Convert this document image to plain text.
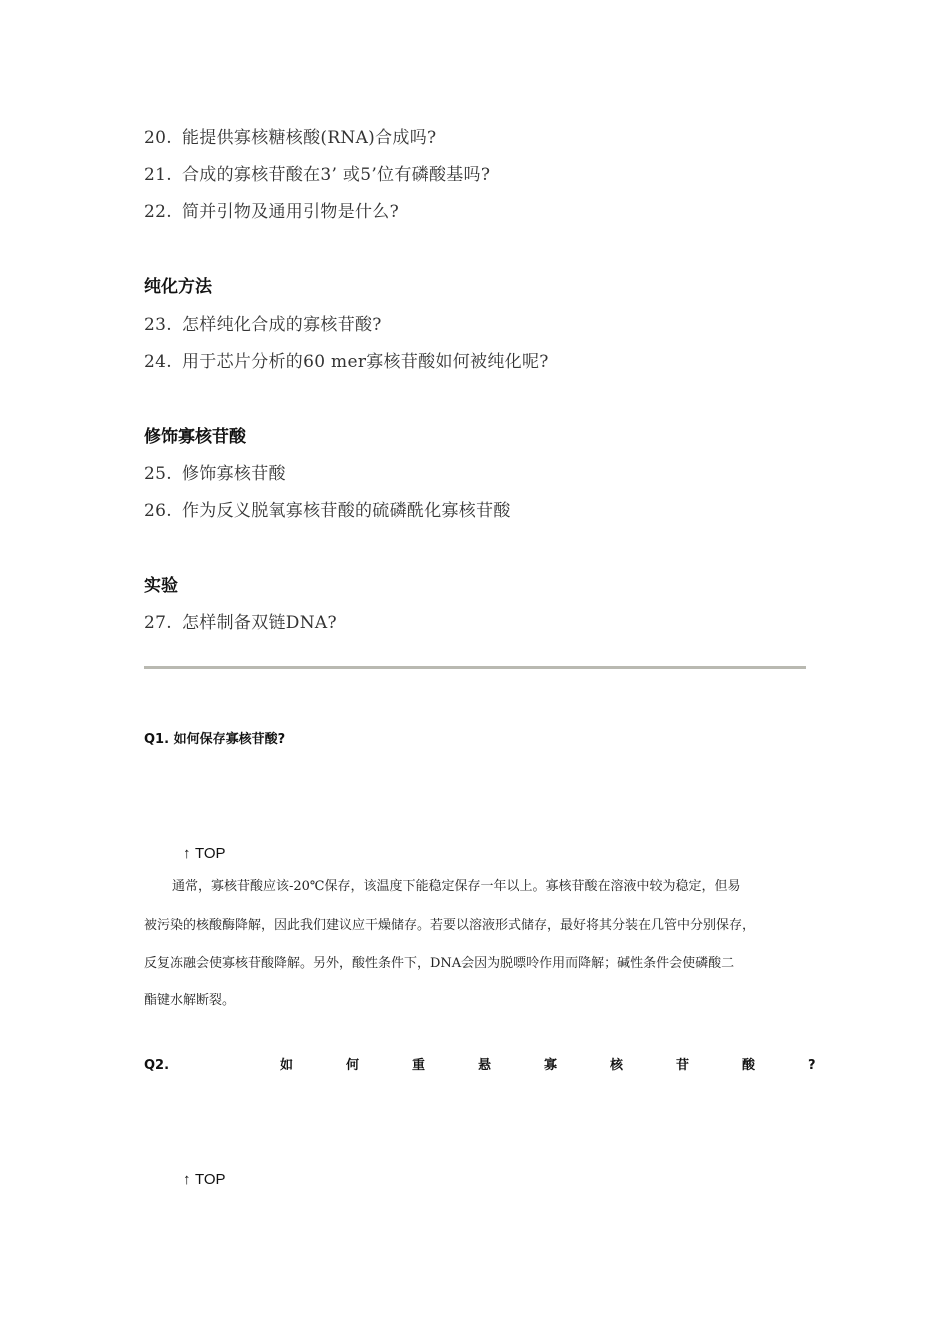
20. 能提供寡核糖核酸(RNA)合成吗?
21. 合成的寡核苷酸在3’ 或5’位有磷酸基吗?
22. 简并引物及通用引物是什么?
纯化方法
23. 怎样纯化合成的寡核苷酸?
24. 用于芯片分析的60 mer寡核苷酸如何被纯化呢?
修饰寡核苷酸
25. 修饰寡核苷酸
26. 作为反义脱氧寡核苷酸的硫磷酰化寡核苷酸
实验
27. 怎样制备双链DNA?
Q1. 如何保存寡核苷酸?
↑ TOP
通常，寡核苷酸应该-20℃保存，该温度下能稳定保存一年以上。寡核苷酸在溶液中较为稳定，但易
被污染的核酸酶降解，因此我们建议应干燥储存。若要以溶液形式储存，最好将其分装在几管中分别保存，
反复冻融会使寡核苷酸降解。另外，酸性条件下，DNA会因为脱嘌呤作用而降解；碱性条件会使磷酸二
酯键水解断裂。
Q2.	如	何	重	悬	寡	核	苷	酸	?
↑ TOP
